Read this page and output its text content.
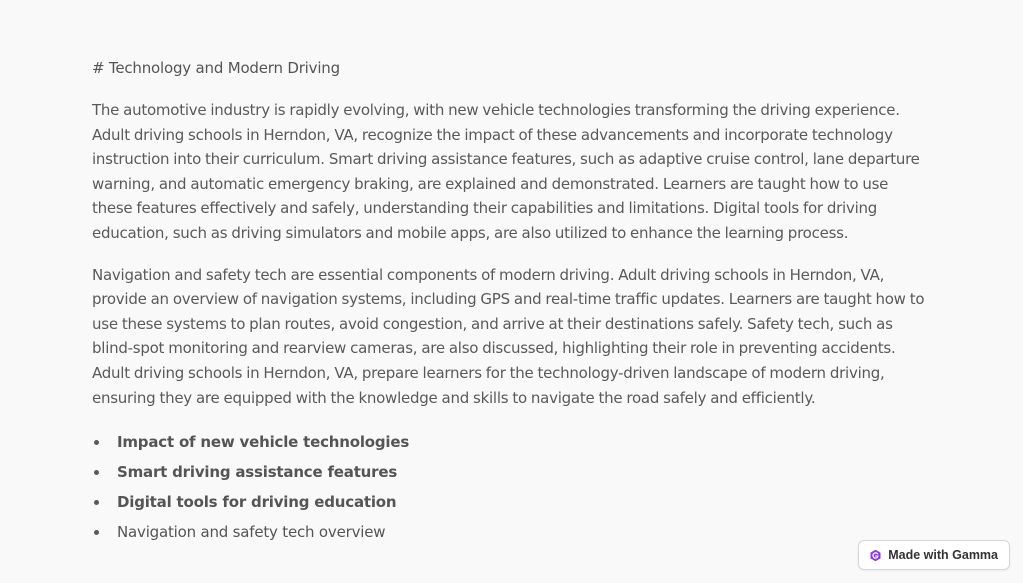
# Technology and Modern Driving

The automotive industry is rapidly evolving, with new vehicle technologies transforming the driving experience. Adult driving schools in Herndon, VA, recognize the impact of these advancements and incorporate technology instruction into their curriculum. Smart driving assistance features, such as adaptive cruise control, lane departure warning, and automatic emergency braking, are explained and demonstrated. Learners are taught how to use these features effectively and safely, understanding their capabilities and limitations. Digital tools for driving education, such as driving simulators and mobile apps, are also utilized to enhance the learning process.

Navigation and safety tech are essential components of modern driving. Adult driving schools in Herndon, VA, provide an overview of navigation systems, including GPS and real-time traffic updates. Learners are taught how to use these systems to plan routes, avoid congestion, and arrive at their destinations safely. Safety tech, such as blind-spot monitoring and rearview cameras, are also discussed, highlighting their role in preventing accidents. Adult driving schools in Herndon, VA, prepare learners for the technology-driven landscape of modern driving, ensuring they are equipped with the knowledge and skills to navigate the road safely and efficiently.

Impact of new vehicle technologies
Smart driving assistance features
Digital tools for driving education
Navigation and safety tech overview
Made with Gamma
